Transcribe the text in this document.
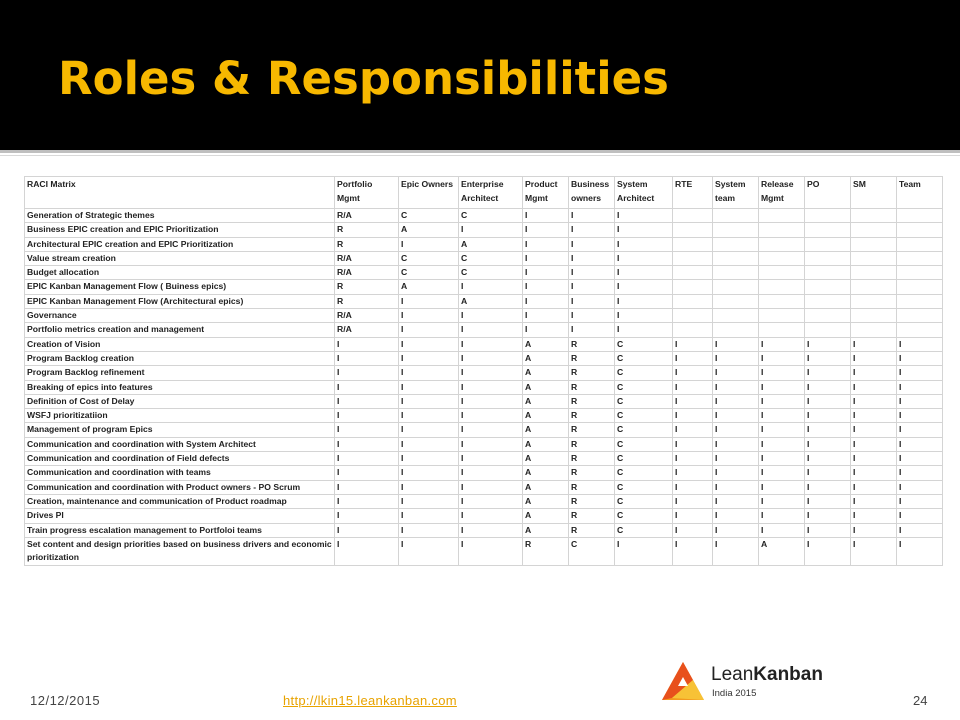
Roles & Responsibilities
RACI Matrix	Portfolio Mgmt	Epic Owners	Enterprise Architect	Product Mgmt	Business owners	System Architect	RTE	System team	Release Mgmt	PO	SM	Team
Generation of Strategic themes	R/A	C	C	I	I	I						
Business EPIC creation and EPIC Prioritization	R	A	I	I	I	I						
Architectural EPIC creation and EPIC Prioritization	R	I	A	I	I	I						
Value stream creation	R/A	C	C	I	I	I						
Budget allocation	R/A	C	C	I	I	I						
EPIC Kanban Management Flow ( Buiness epics)	R	A	I	I	I	I						
EPIC Kanban Management Flow (Architectural epics)	R	I	A	I	I	I						
Governance	R/A	I	I	I	I	I						
Portfolio metrics creation and management	R/A	I	I	I	I	I						
Creation of Vision	I	I	I	A	R	C	I	I	I	I	I	I
Program Backlog creation	I	I	I	A	R	C	I	I	I	I	I	I
Program Backlog refinement	I	I	I	A	R	C	I	I	I	I	I	I
Breaking of epics into features	I	I	I	A	R	C	I	I	I	I	I	I
Definition of Cost of Delay	I	I	I	A	R	C	I	I	I	I	I	I
WSFJ prioritizatiion	I	I	I	A	R	C	I	I	I	I	I	I
Management of program Epics	I	I	I	A	R	C	I	I	I	I	I	I
Communication and coordination with System Architect	I	I	I	A	R	C	I	I	I	I	I	I
Communication and coordination of Field defects	I	I	I	A	R	C	I	I	I	I	I	I
Communication and coordination with teams	I	I	I	A	R	C	I	I	I	I	I	I
Communication and coordination with Product owners - PO Scrum	I	I	I	A	R	C	I	I	I	I	I	I
Creation, maintenance and communication of Product roadmap	I	I	I	A	R	C	I	I	I	I	I	I
Drives PI	I	I	I	A	R	C	I	I	I	I	I	I
Train progress escalation management to Portfoloi teams	I	I	I	A	R	C	I	I	I	I	I	I
Set content and design priorities based on business drivers and economic prioritization	I	I	I	R	C	I	I	I	A	I	I	I
12/12/2015	http://lkin15.leankanban.com	24
LeanKanban
India 2015
